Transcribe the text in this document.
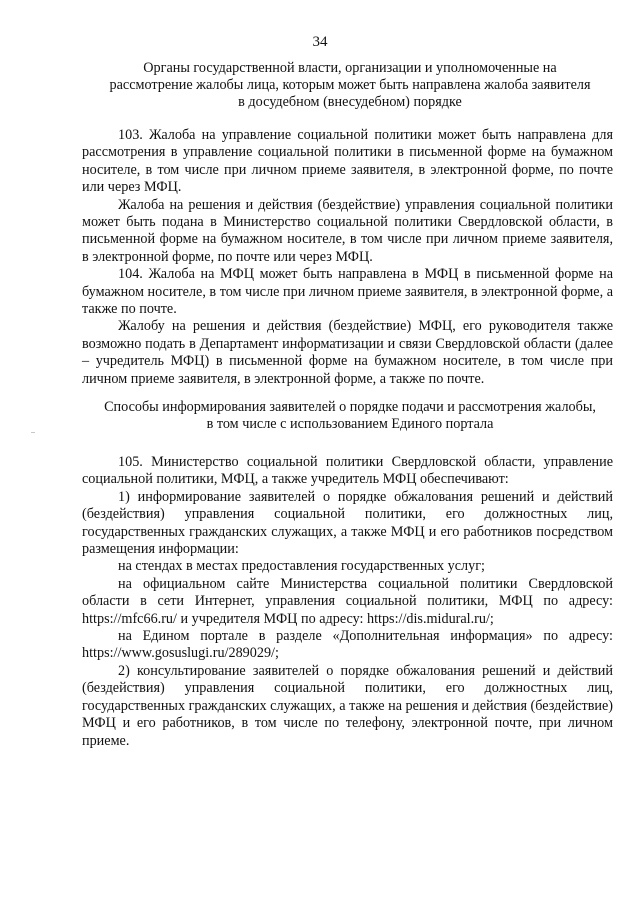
34
Органы государственной власти, организации и уполномоченные на
рассмотрение жалобы лица, которым может быть направлена жалоба заявителя
в досудебном (внесудебном) порядке

103. Жалоба на управление социальной политики может быть направлена для рассмотрения в управление социальной политики в письменной форме на бумажном носителе, в том числе при личном приеме заявителя, в электронной форме, по почте или через МФЦ.

Жалоба на решения и действия (бездействие) управления социальной политики может быть подана в Министерство социальной политики Свердловской области, в письменной форме на бумажном носителе, в том числе при личном приеме заявителя, в электронной форме, по почте или через МФЦ.

104. Жалоба на МФЦ может быть направлена в МФЦ в письменной форме на бумажном носителе, в том числе при личном приеме заявителя, в электронной форме, а также по почте.

Жалобу на решения и действия (бездействие) МФЦ, его руководителя также возможно подать в Департамент информатизации и связи Свердловской области (далее – учредитель МФЦ) в письменной форме на бумажном носителе, в том числе при личном приеме заявителя, в электронной форме, а также по почте.

Способы информирования заявителей о порядке подачи и рассмотрения жалобы,
в том числе с использованием Единого портала

105. Министерство социальной политики Свердловской области, управление социальной политики, МФЦ, а также учредитель МФЦ обеспечивают:

1) информирование заявителей о порядке обжалования решений и действий (бездействия) управления социальной политики, его должностных лиц, государственных гражданских служащих, а также МФЦ и его работников посредством размещения информации:

на стендах в местах предоставления государственных услуг;

на официальном сайте Министерства социальной политики Свердловской области в сети Интернет, управления социальной политики, МФЦ по адресу: https://mfc66.ru/ и учредителя МФЦ по адресу: https://dis.midural.ru/;

на Едином портале в разделе «Дополнительная информация» по адресу: https://www.gosuslugi.ru/289029/;

2) консультирование заявителей о порядке обжалования решений и действий (бездействия) управления социальной политики, его должностных лиц, государственных гражданских служащих, а также на решения и действия (бездействие) МФЦ и его работников, в том числе по телефону, электронной почте, при личном приеме.
